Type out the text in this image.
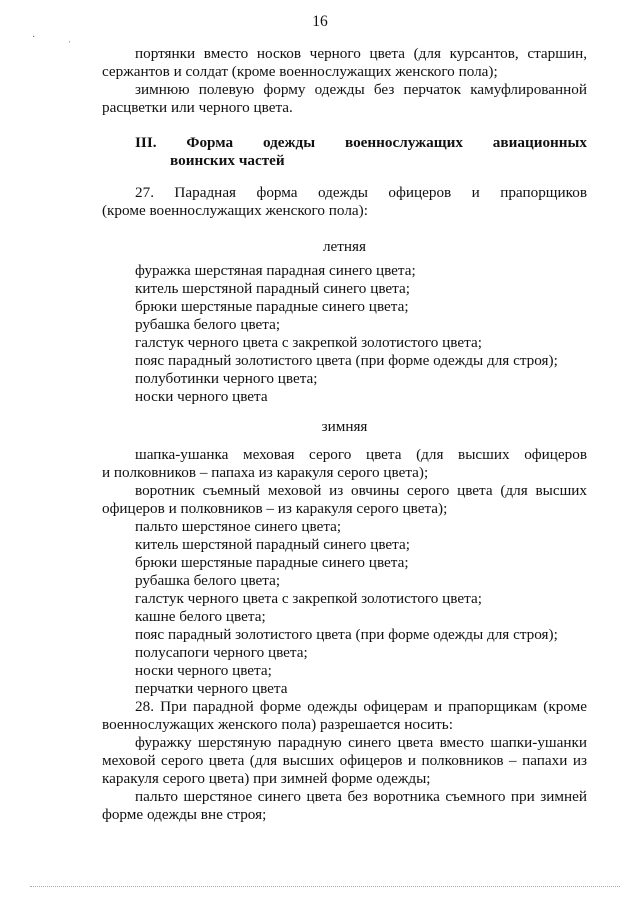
16
·	ˌ
портянки вместо носков черного цвета (для курсантов, старшин,
сержантов и солдат (кроме военнослужащих женского пола);
зимнюю полевую форму одежды без перчаток камуфлированной
расцветки или черного цвета.
III. Форма одежды военнослужащих авиационных
воинских частей
27. Парадная форма одежды офицеров и прапорщиков
(кроме военнослужащих женского пола):
летняя
фуражка шерстяная парадная синего цвета;
китель шерстяной парадный синего цвета;
брюки шерстяные парадные синего цвета;
рубашка белого цвета;
галстук черного цвета с закрепкой золотистого цвета;
пояс парадный золотистого цвета (при форме одежды для строя);
полуботинки черного цвета;
носки черного цвета
зимняя
шапка-ушанка меховая серого цвета (для высших офицеров
и полковников – папаха из каракуля серого цвета);
воротник съемный меховой из овчины серого цвета (для высших
офицеров и полковников – из каракуля серого цвета);
пальто шерстяное синего цвета;
китель шерстяной парадный синего цвета;
брюки шерстяные парадные синего цвета;
рубашка белого цвета;
галстук черного цвета с закрепкой золотистого цвета;
кашне белого цвета;
пояс парадный золотистого цвета (при форме одежды для строя);
полусапоги черного цвета;
носки черного цвета;
перчатки черного цвета
28. При парадной форме одежды офицерам и прапорщикам (кроме
военнослужащих женского пола) разрешается носить:
фуражку шерстяную парадную синего цвета вместо шапки-ушанки
меховой серого цвета (для высших офицеров и полковников – папахи из
каракуля серого цвета) при зимней форме одежды;
пальто шерстяное синего цвета без воротника съемного при зимней
форме одежды вне строя;
